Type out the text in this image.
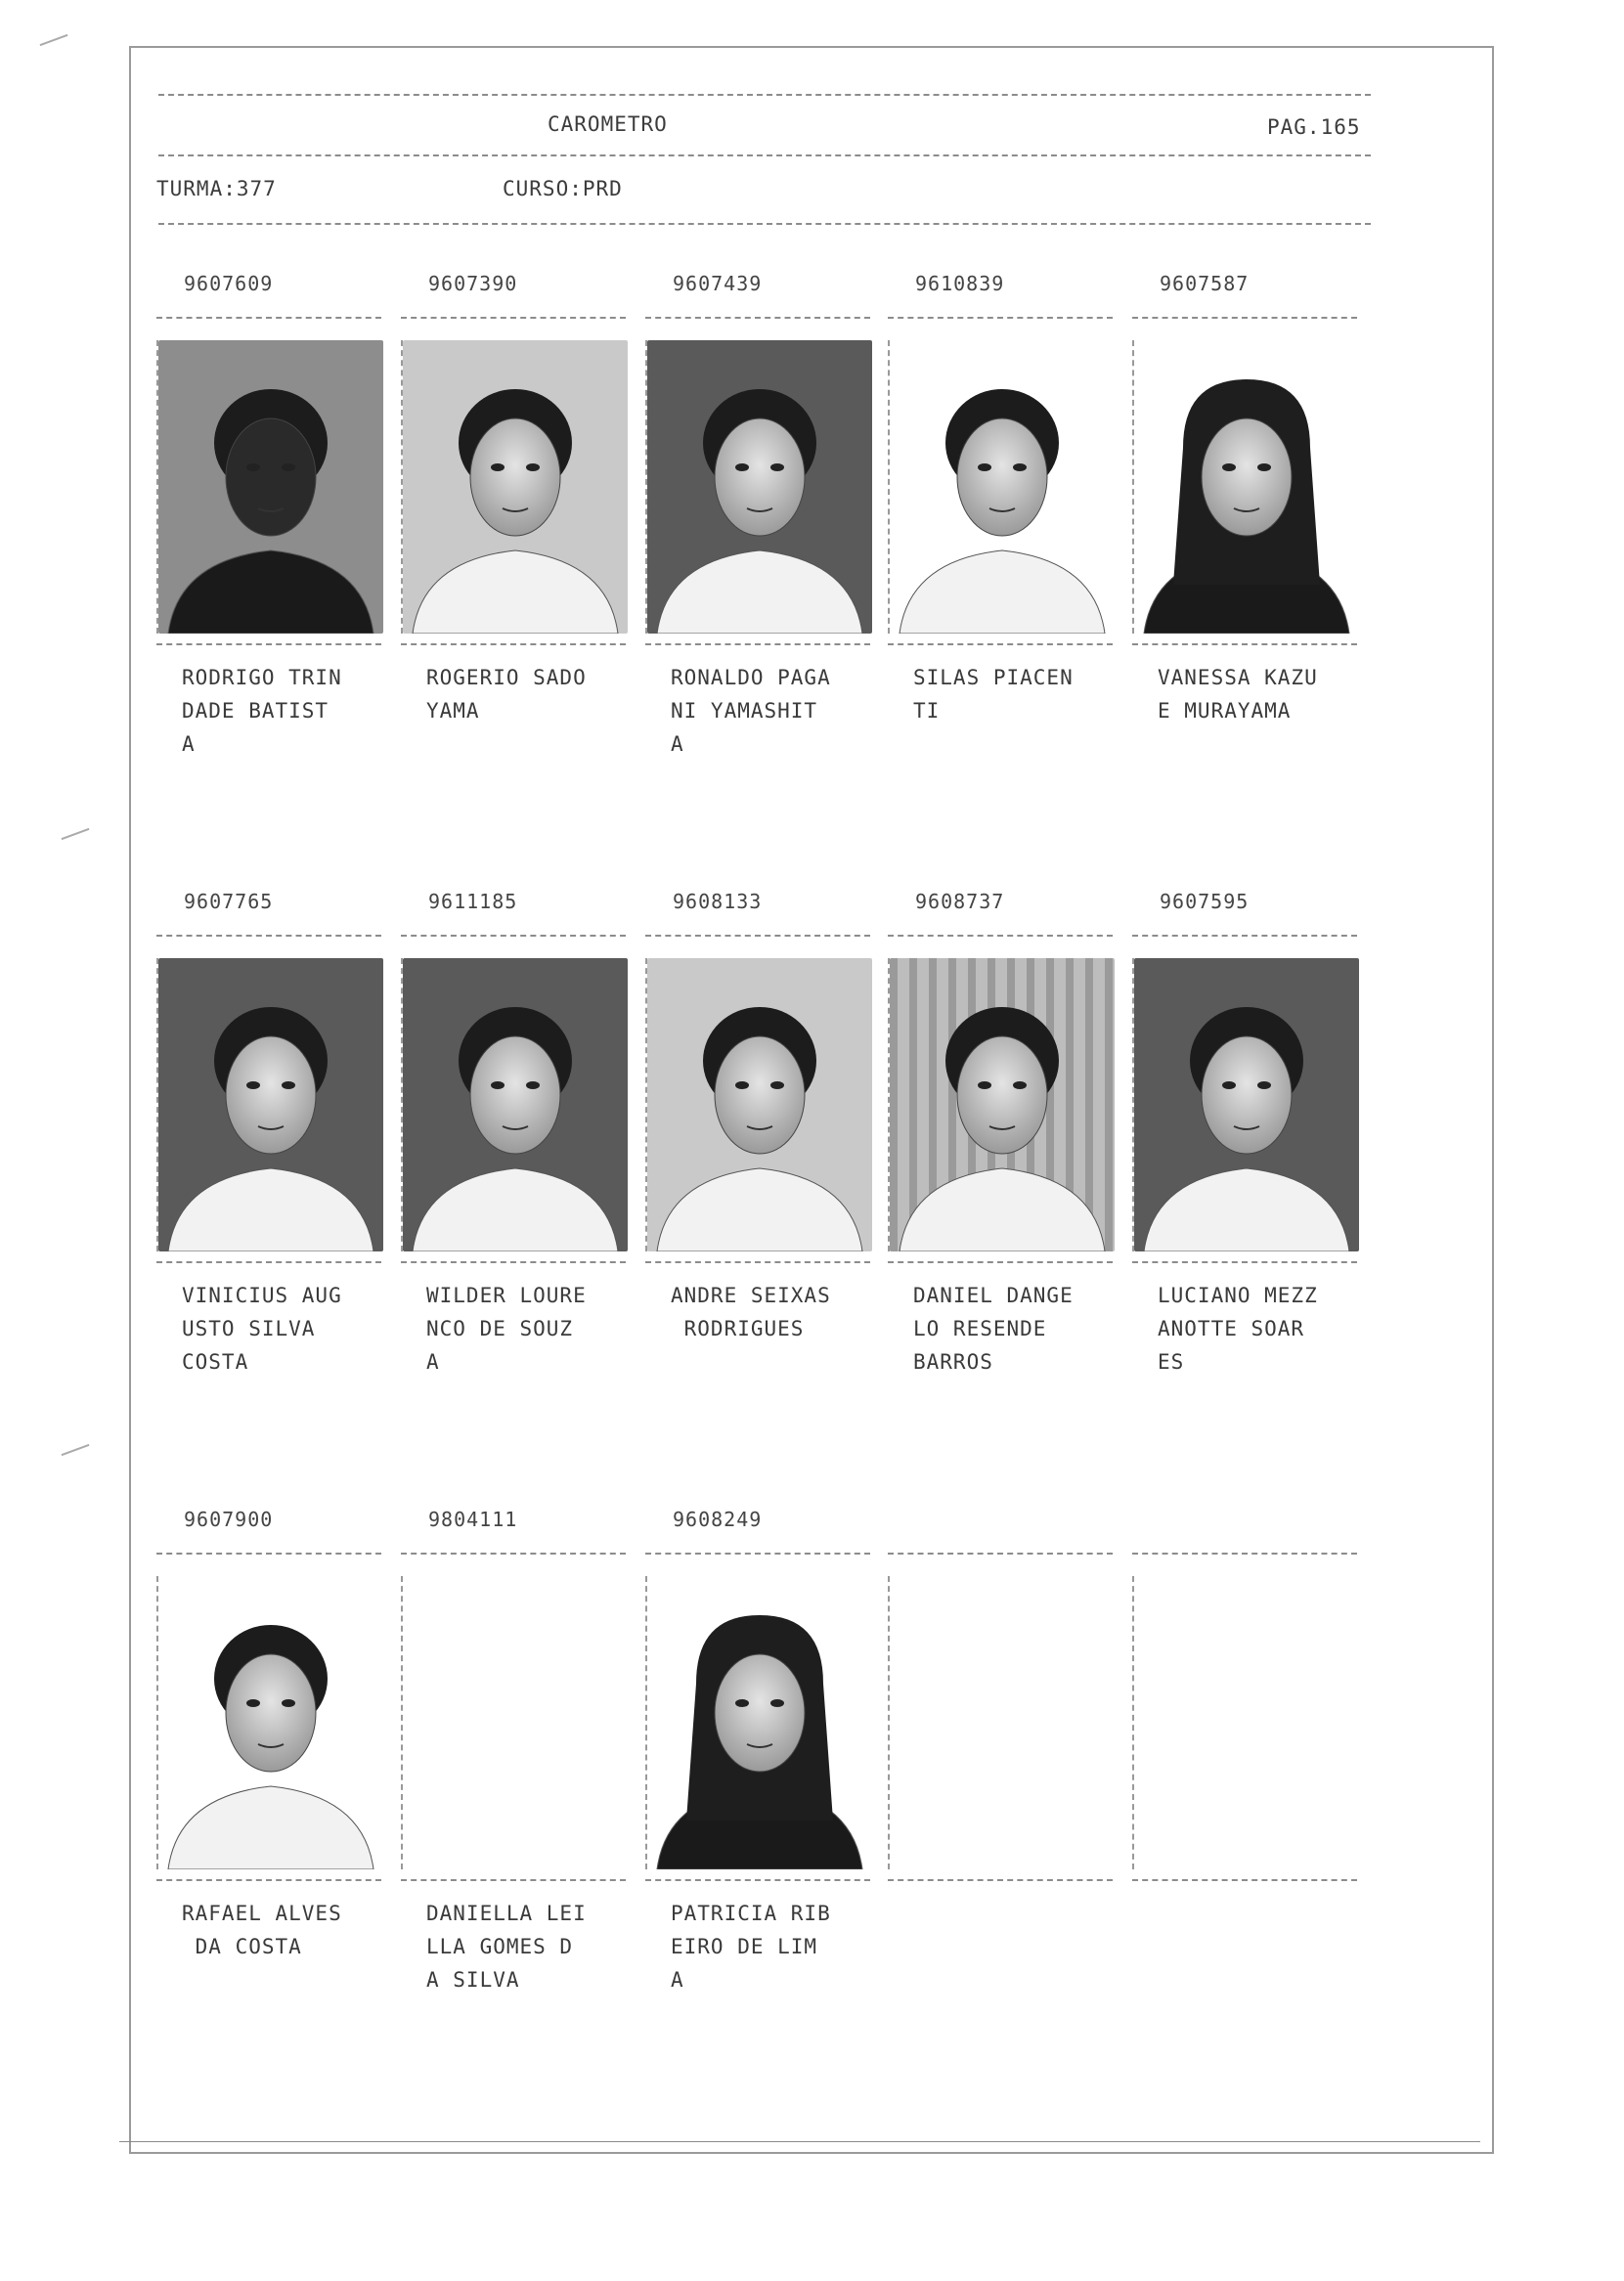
CAROMETRO	PAG.165
TURMA:377	CURSO:PRD
9607609
RODRIGO TRIN
DADE BATIST
A
9607390
ROGERIO SADO
YAMA
9607439
RONALDO PAGA
NI YAMASHIT
A
9610839
SILAS PIACEN
TI
9607587
VANESSA KAZU
E MURAYAMA
9607765
VINICIUS AUG
USTO SILVA
COSTA
9611185
WILDER LOURE
NCO DE SOUZ
A
9608133
ANDRE SEIXAS
RODRIGUES
9608737
DANIEL DANGE
LO RESENDE
BARROS
9607595
LUCIANO MEZZ
ANOTTE SOAR
ES
9607900
RAFAEL ALVES
DA COSTA
9804111
DANIELLA LEI
LLA GOMES D
A SILVA
9608249
PATRICIA RIB
EIRO DE LIM
A
